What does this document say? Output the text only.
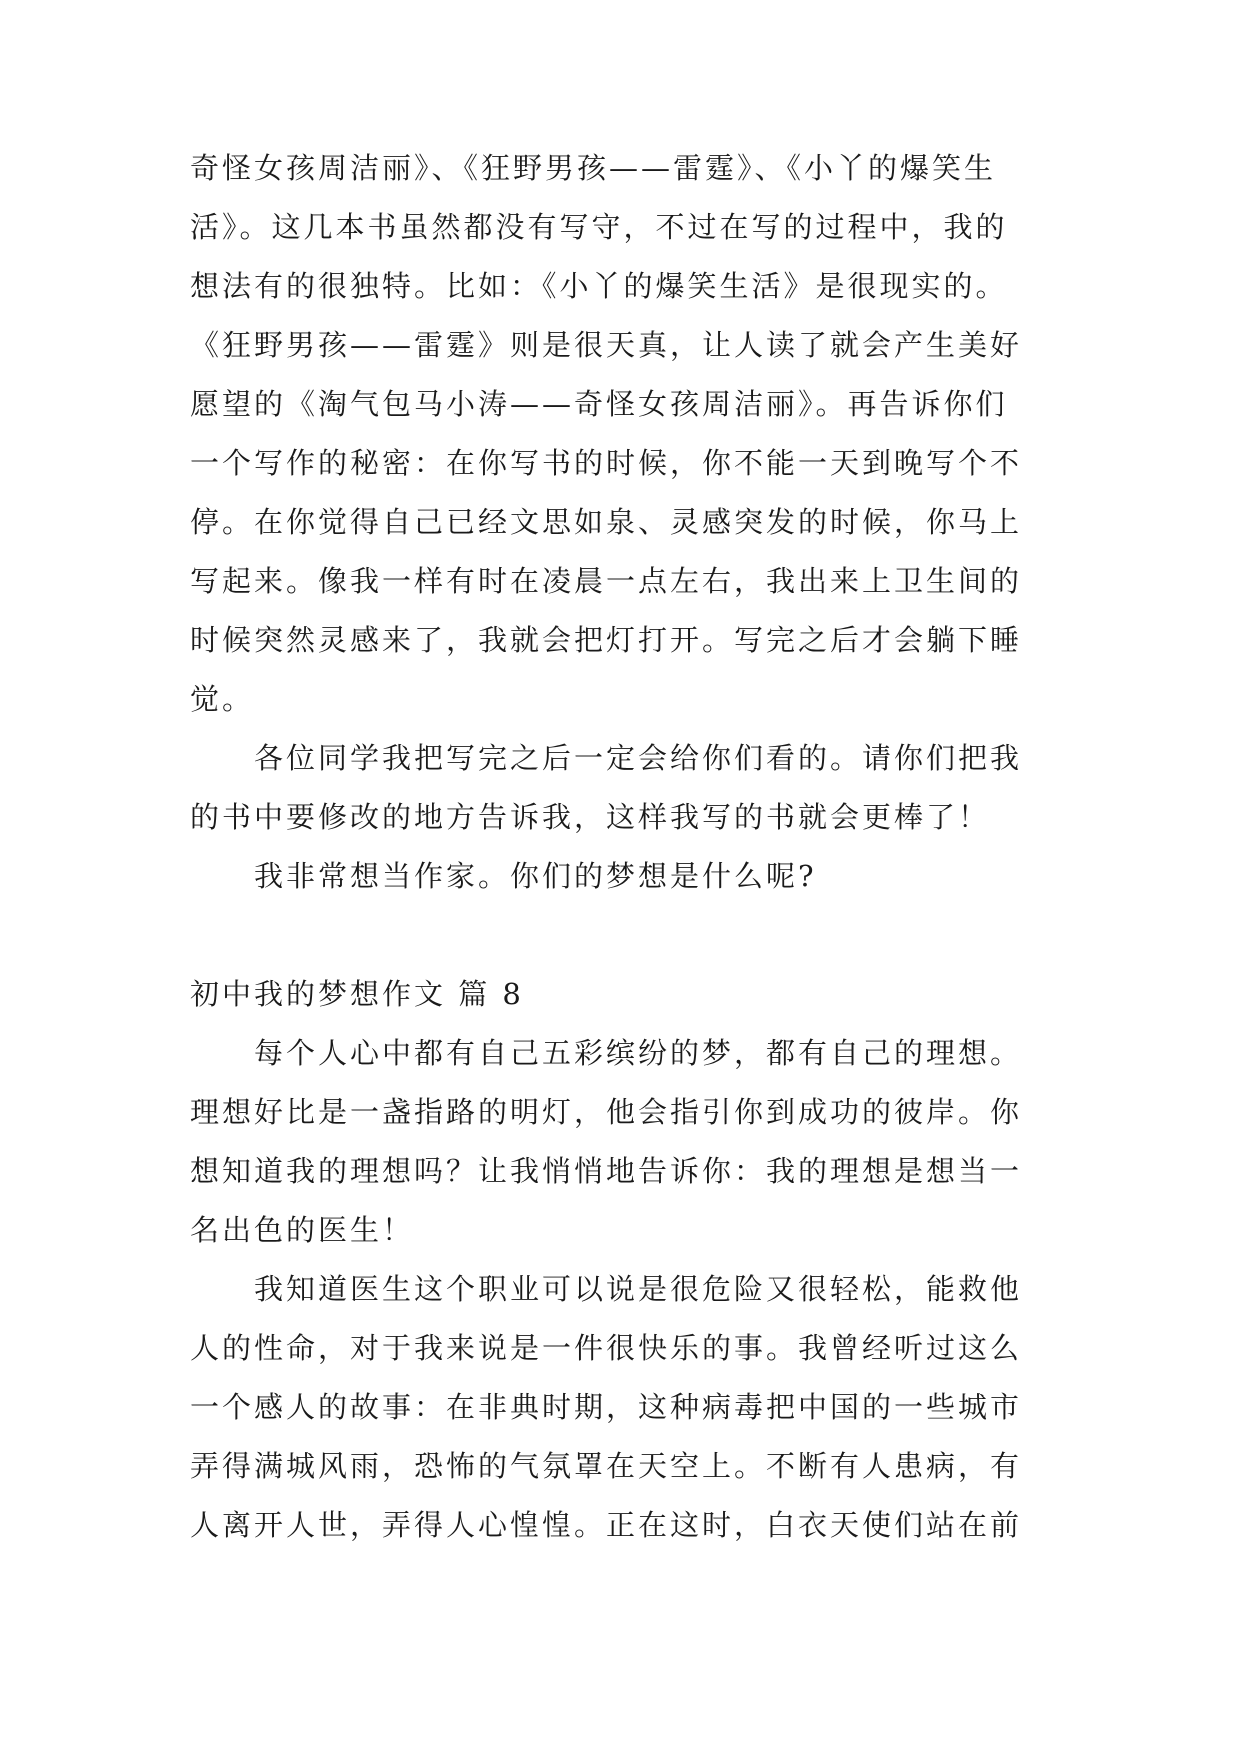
奇怪女孩周洁丽》、《狂野男孩——雷霆》、《小丫的爆笑生
活》。这几本书虽然都没有写守，不过在写的过程中，我的
想法有的很独特。比如：《小丫的爆笑生活》是很现实的。
《狂野男孩——雷霆》则是很天真，让人读了就会产生美好
愿望的《淘气包马小涛——奇怪女孩周洁丽》。再告诉你们
一个写作的秘密：在你写书的时候，你不能一天到晚写个不
停。在你觉得自己已经文思如泉、灵感突发的时候，你马上
写起来。像我一样有时在凌晨一点左右，我出来上卫生间的
时候突然灵感来了，我就会把灯打开。写完之后才会躺下睡
觉。
各位同学我把写完之后一定会给你们看的。请你们把我
的书中要修改的地方告诉我，这样我写的书就会更棒了！
我非常想当作家。你们的梦想是什么呢?
初中我的梦想作文 篇 8
每个人心中都有自己五彩缤纷的梦，都有自己的理想。
理想好比是一盏指路的明灯，他会指引你到成功的彼岸。你
想知道我的理想吗？让我悄悄地告诉你：我的理想是想当一
名出色的医生！
我知道医生这个职业可以说是很危险又很轻松，能救他
人的性命，对于我来说是一件很快乐的事。我曾经听过这么
一个感人的故事：在非典时期，这种病毒把中国的一些城市
弄得满城风雨，恐怖的气氛罩在天空上。不断有人患病，有
人离开人世，弄得人心惶惶。正在这时，白衣天使们站在前
